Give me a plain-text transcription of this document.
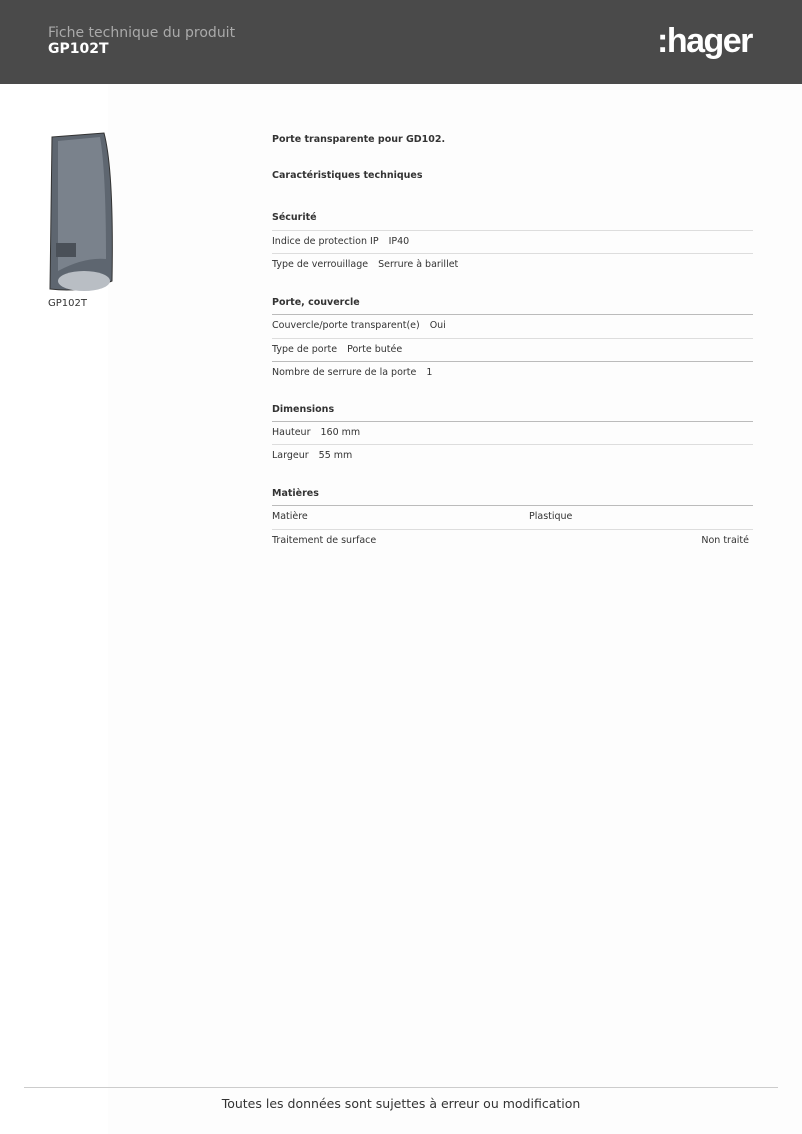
Fiche technique du produit
GP102T	:hager
GP102T
Porte transparente pour GD102.
Caractéristiques techniques
Sécurité
Indice de protection IP IP40
Type de verrouillage Serrure à barillet
Porte, couvercle
Couvercle/porte transparent(e) Oui
Type de porte Porte butée
Nombre de serrure de la porte 1
Dimensions
Hauteur 160 mm
Largeur 55 mm
Matières
Matière	Plastique
Traitement de surface	Non traité
Toutes les données sont sujettes à erreur ou modification
